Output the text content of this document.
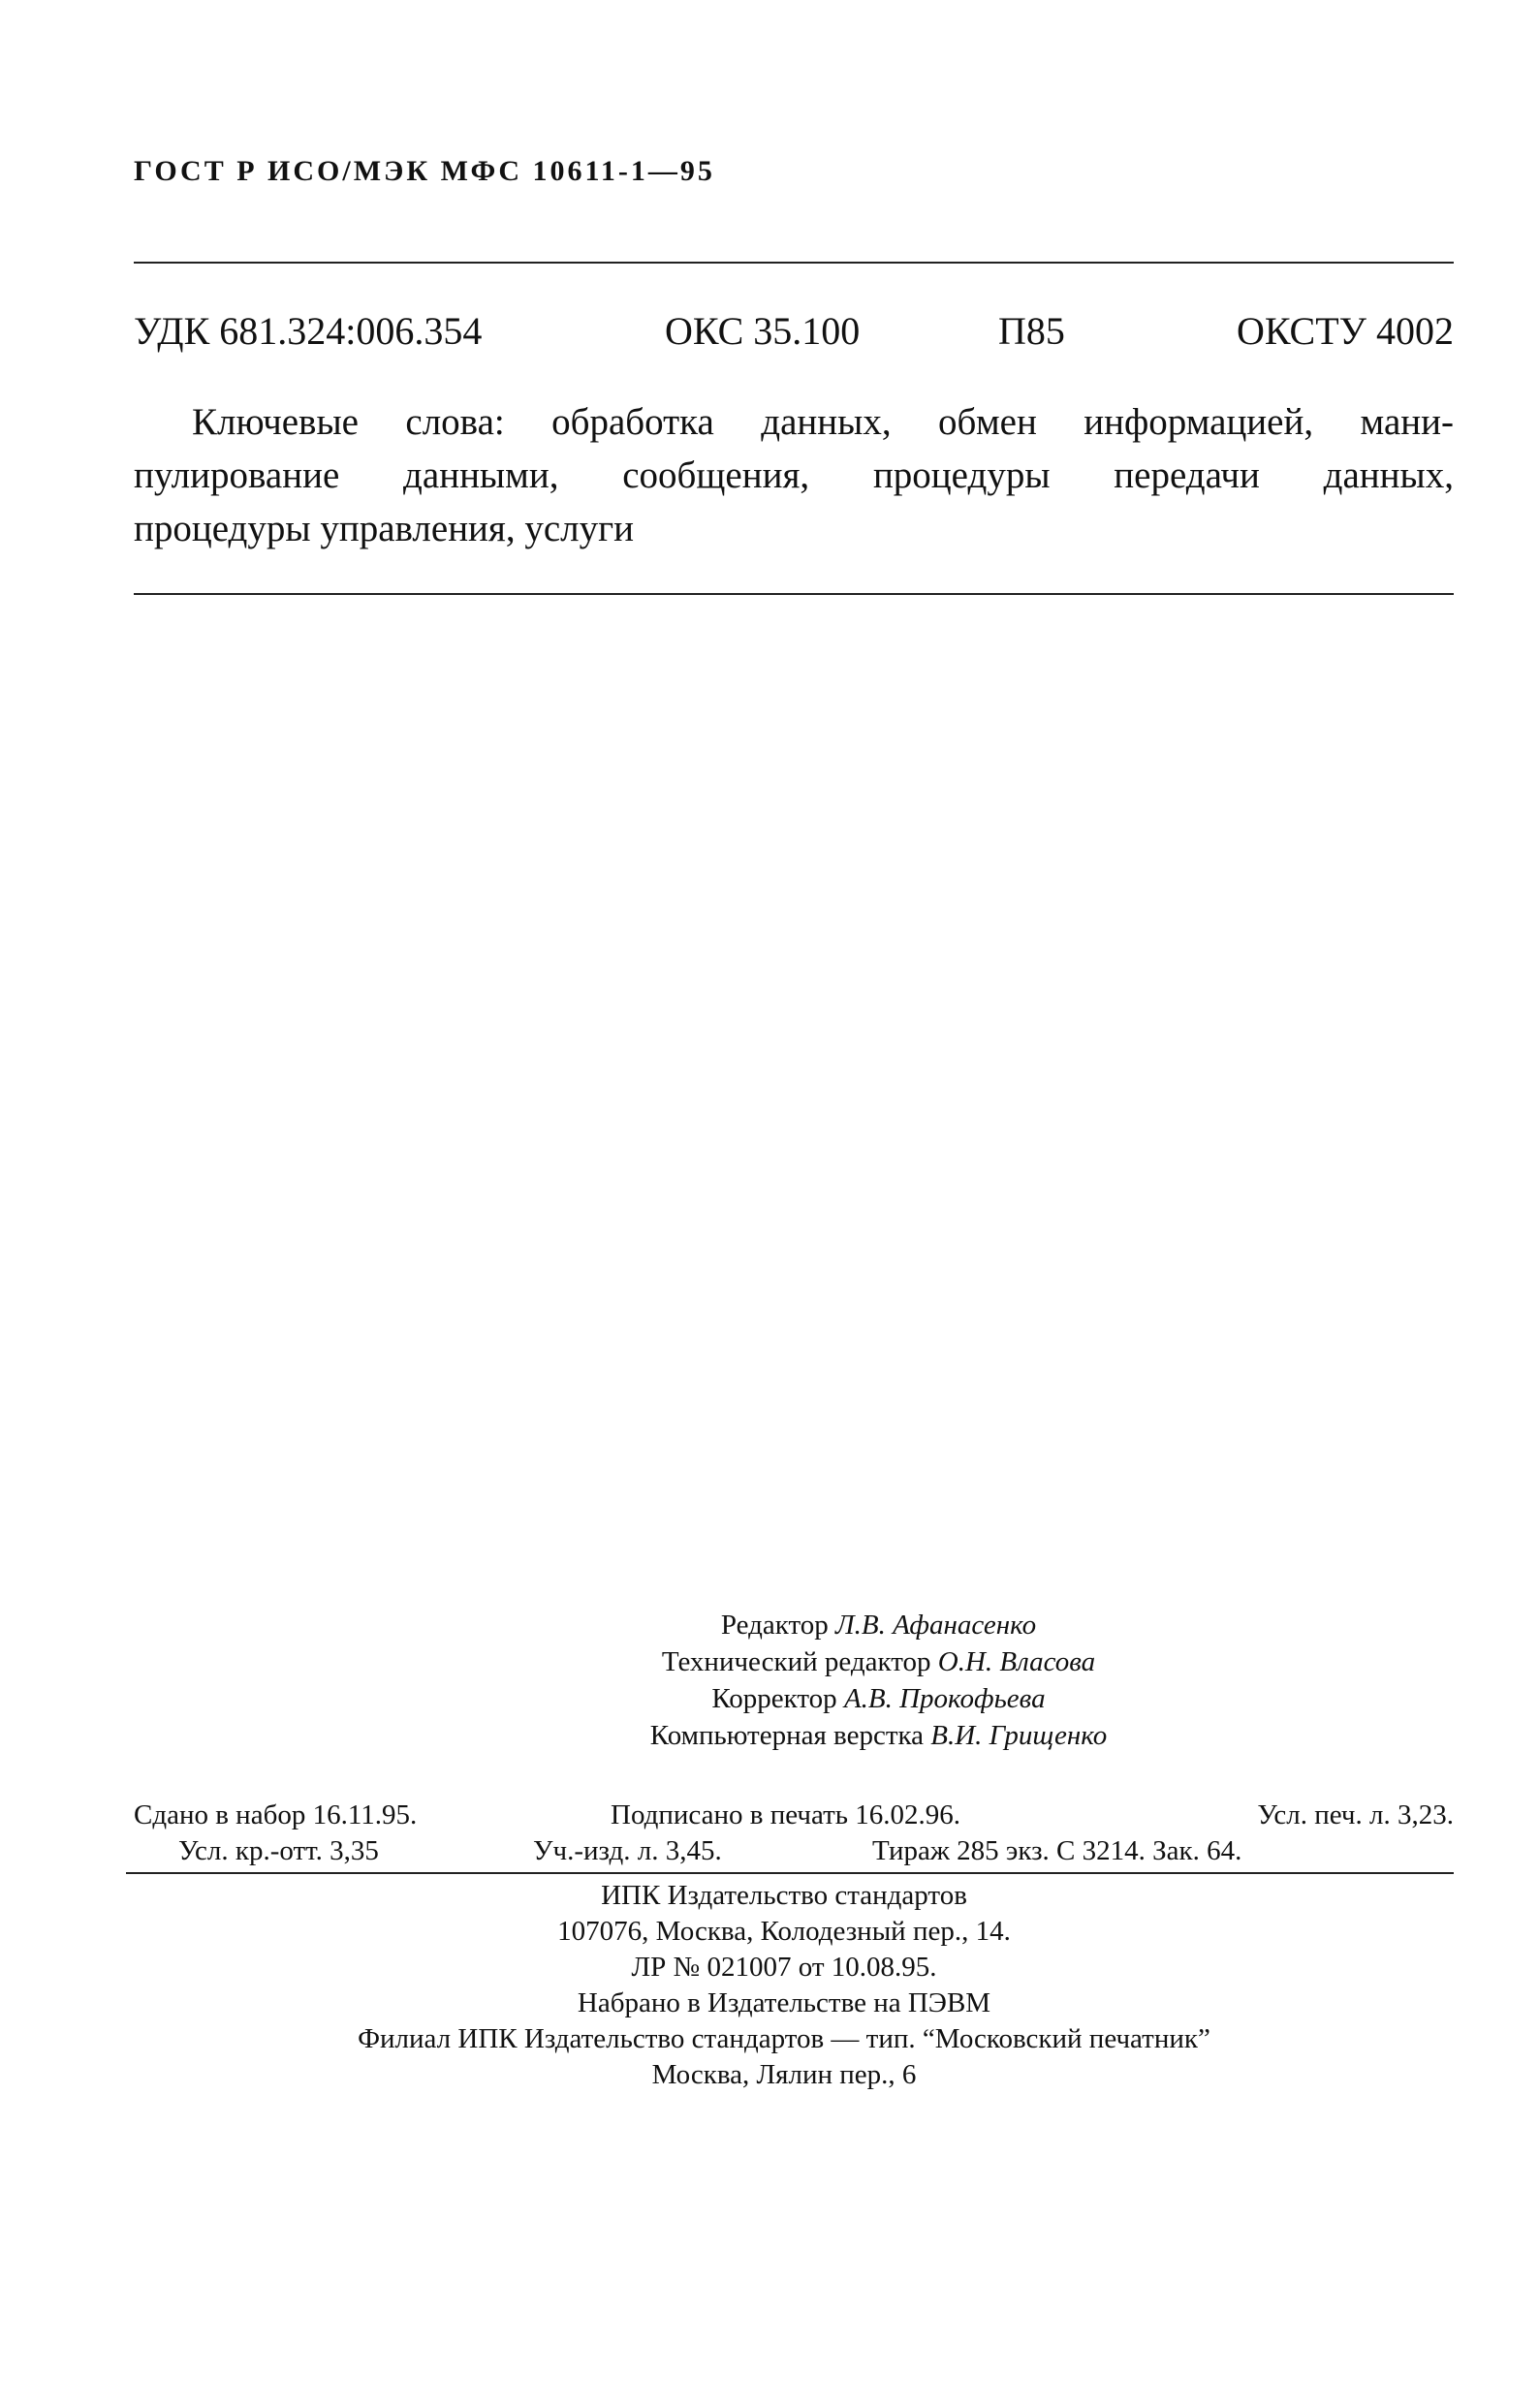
ГОСТ Р ИСО/МЭК МФС 10611-1—95
УДК 681.324:006.354	ОКС 35.100	П85	ОКСТУ 4002
Ключевые слова: обработка данных, обмен информацией, мани-
пулирование данными, сообщения, процедуры передачи данных,
процедуры управления, услуги
Редактор Л.В. Афанасенко
Технический редактор О.Н. Власова
Корректор А.В. Прокофьева
Компьютерная верстка В.И. Грищенко
Сдано в набор 16.11.95.	Подписано в печать 16.02.96.	Усл. печ. л. 3,23.
Усл. кр.-отт. 3,35	Уч.-изд. л. 3,45.	Тираж 285 экз. С 3214. Зак. 64.
ИПК Издательство стандартов
107076, Москва, Колодезный пер., 14.
ЛР № 021007 от 10.08.95.
Набрано в Издательстве на ПЭВМ
Филиал ИПК Издательство стандартов — тип. “Московский печатник”
Москва, Лялин пер., 6
